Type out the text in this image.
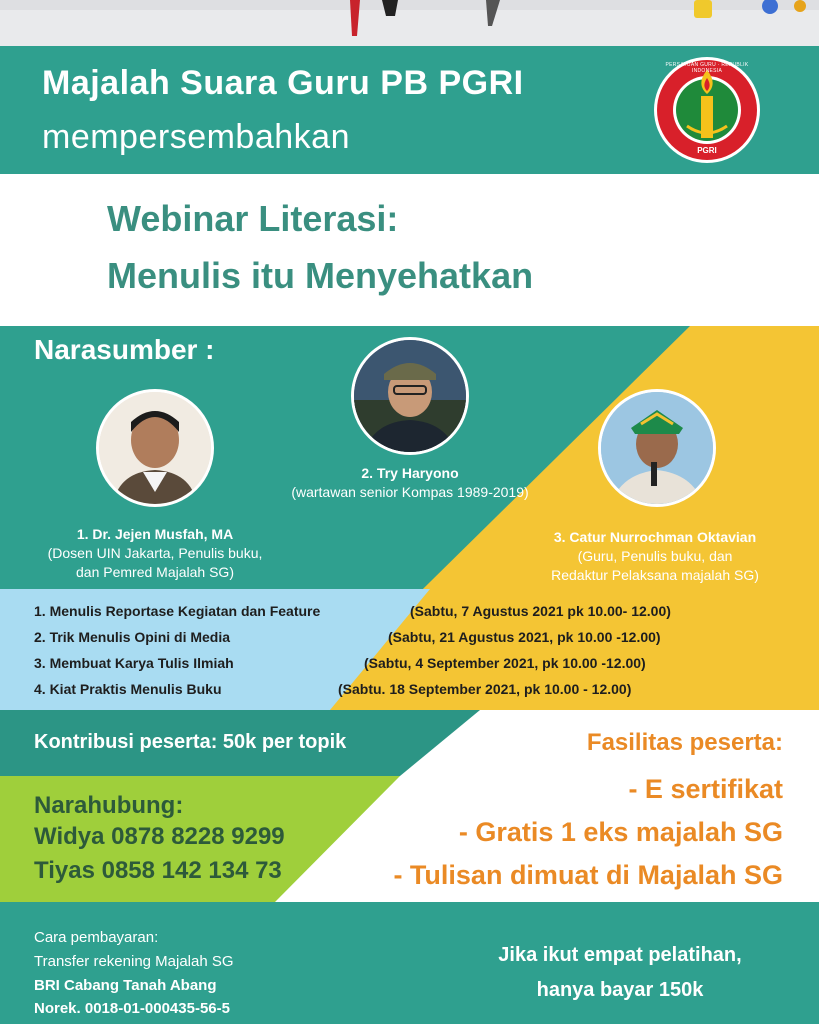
Majalah Suara Guru PB PGRI
mempersembahkan
PERSATUAN GURU · REPUBLIK INDONESIA
PGRI
Webinar Literasi:
Menulis itu Menyehatkan
Narasumber :
1. Dr. Jejen Musfah, MA
(Dosen UIN Jakarta, Penulis buku,
dan Pemred Majalah SG)
2. Try Haryono
(wartawan senior Kompas 1989-2019)
3. Catur Nurrochman Oktavian
(Guru, Penulis buku, dan
Redaktur Pelaksana majalah SG)
1. Menulis Reportase Kegiatan dan Feature	(Sabtu, 7 Agustus 2021 pk 10.00- 12.00)
2. Trik Menulis Opini di Media	(Sabtu, 21 Agustus 2021, pk 10.00 -12.00)
3. Membuat Karya Tulis Ilmiah	(Sabtu, 4 September 2021, pk 10.00 -12.00)
4. Kiat Praktis Menulis Buku	(Sabtu. 18 September 2021, pk 10.00 - 12.00)
Kontribusi peserta: 50k per topik	Fasilitas peserta:
- E sertifikat
- Gratis 1 eks majalah SG
- Tulisan dimuat di Majalah SG
Narahubung:
Widya 0878 8228 9299
Tiyas 0858 142 134 73
Cara pembayaran:
Transfer rekening Majalah SG
BRI Cabang Tanah Abang
Norek. 0018-01-000435-56-5
Jika ikut empat pelatihan,
hanya bayar 150k
